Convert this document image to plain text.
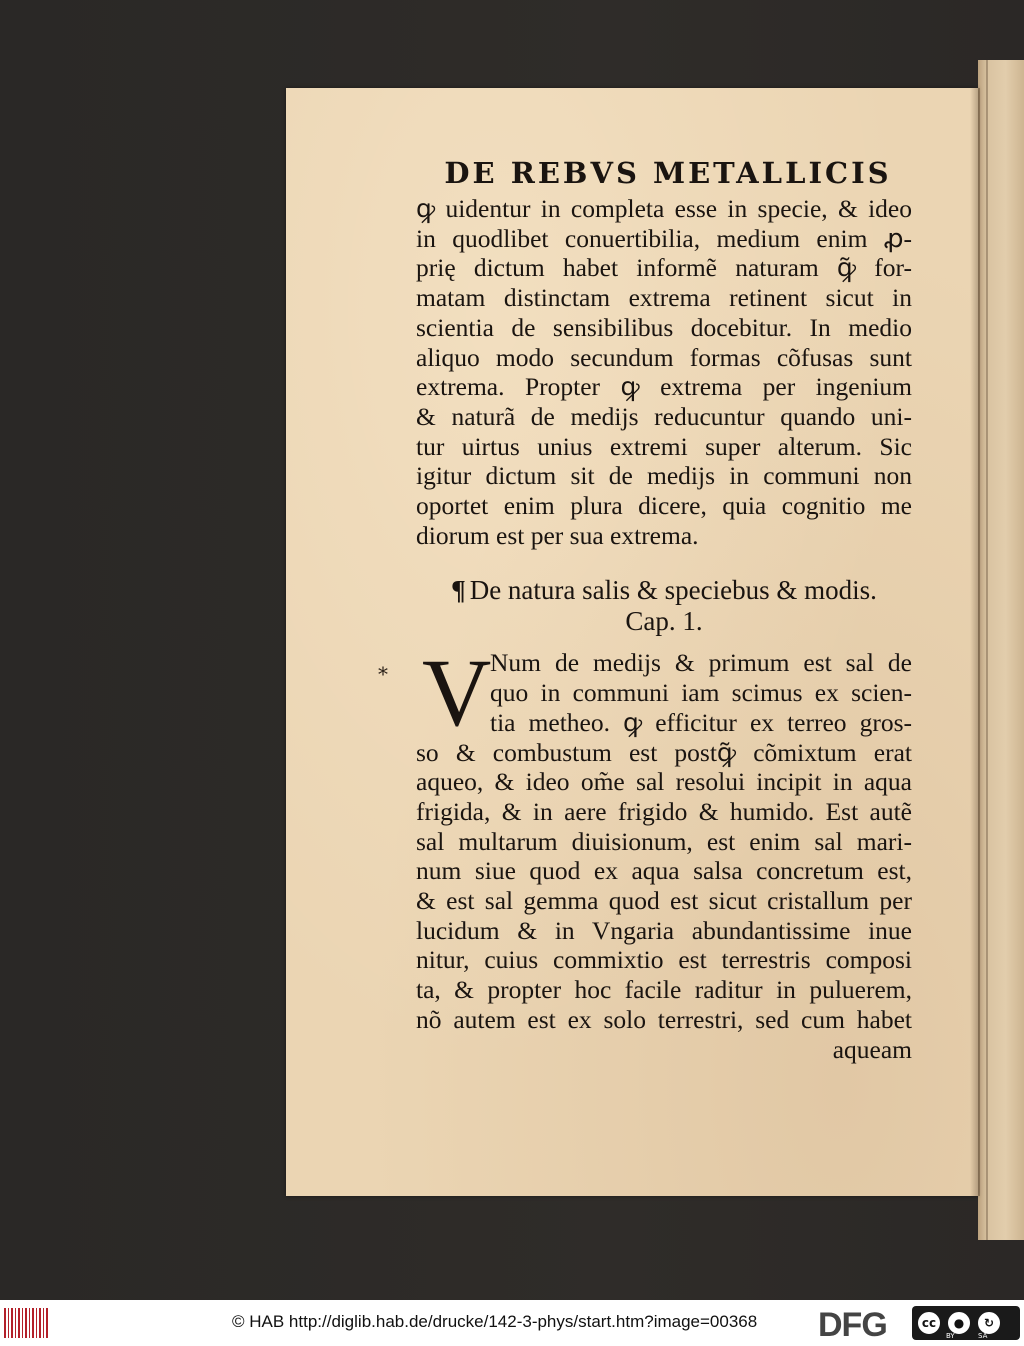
*
DE REBVS METALLICIS
ꝙ uidentur in completa esse in specie, & ideo
in quodlibet conuertibilia, medium enim ꝓ-
prię dictum habet informẽ naturam ꝙ̃ for-
matam distinctam extrema retinent sicut in
scientia de sensibilibus docebitur. In medio
aliquo modo secundum formas cõfusas sunt
extrema. Propter ꝙ extrema per ingenium
& naturã de medijs reducuntur quando uni-
tur uirtus unius extremi super alterum. Sic
igitur dictum sit de medijs in communi non
oportet enim plura dicere, quia cognitio me
diorum est per sua extrema.
¶ De natura salis & speciebus & modis.
Cap. 1.
V
Num de medijs & primum est sal de
quo in communi iam scimus ex scien-
tia metheo. ꝙ efficitur ex terreo gros-
so & combustum est postꝙ̃ cõmixtum erat
aqueo, & ideo om̃e sal resolui incipit in aqua
frigida, & in aere frigido & humido. Est autẽ
sal multarum diuisionum, est enim sal mari-
num siue quod ex aqua salsa concretum est,
& est sal gemma quod est sicut cristallum per
lucidum & in Vngaria abundantissime inue
nitur, cuius commixtio est terrestris composi
ta, & propter hoc facile raditur in puluerem,
nõ autem est ex solo terrestri, sed cum habet
aqueam
© HAB http://diglib.hab.de/drucke/142-3-phys/start.htm?image=00368 DFG	cc	●	↻
BY	SA
